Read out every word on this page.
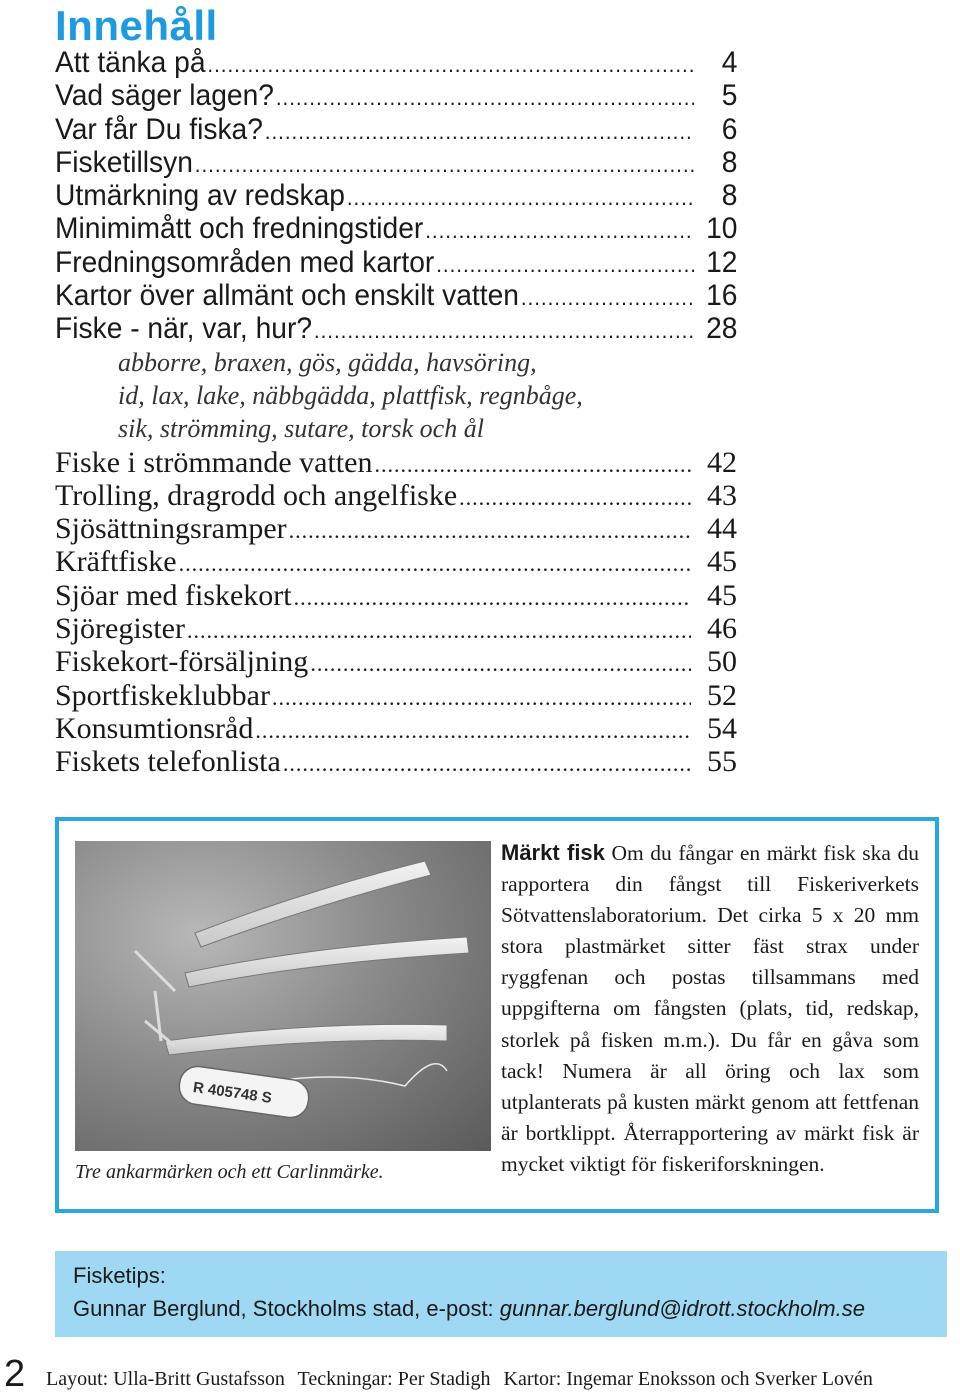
Innehåll
Att tänka på .....	4
Vad säger lagen? .....	5
Var får Du fiska? .....	6
Fisketillsyn .....	8
Utmärkning av redskap .....	8
Minimimått och fredningstider .....	10
Fredningsområden med kartor .....	12
Kartor över allmänt och enskilt vatten .....	16
Fiske - när, var, hur? .....	28
abborre, braxen, gös, gädda, havsöring,
id, lax, lake, näbbgädda, plattfisk, regnbåge,
sik, strömming, sutare, torsk och ål
Fiske i strömmande vatten .....	42
Trolling, dragrodd och angelfiske .....	43
Sjösättningsramper .....	44
Kräftfiske .....	45
Sjöar med fiskekort .....	45
Sjöregister .....	46
Fiskekort-försäljning .....	50
Sportfiskeklubbar .....	52
Konsumtionsråd .....	54
Fiskets telefonlista .....	55
R 405748 S
Tre ankarmärken och ett Carlinmärke.
Märkt fisk Om du fångar en märkt fisk ska du rapportera din fångst till Fiskeriverkets Sötvattenslaboratorium. Det cirka 5 x 20 mm stora plastmärket sitter fäst strax under ryggfenan och postas tillsammans med uppgifterna om fångsten (plats, tid, redskap, storlek på fisken m.m.). Du får en gåva som tack! Numera är all öring och lax som utplanterats på kusten märkt genom att fettfenan är bortklippt. Återrapportering av märkt fisk är mycket viktigt för fiskeriforskningen.
Fisketips:
Gunnar Berglund, Stockholms stad, e-post: gunnar.berglund@idrott.stockholm.se
2 Layout: Ulla-Britt Gustafsson Teckningar: Per Stadigh Kartor: Ingemar Enoksson och Sverker Lovén
